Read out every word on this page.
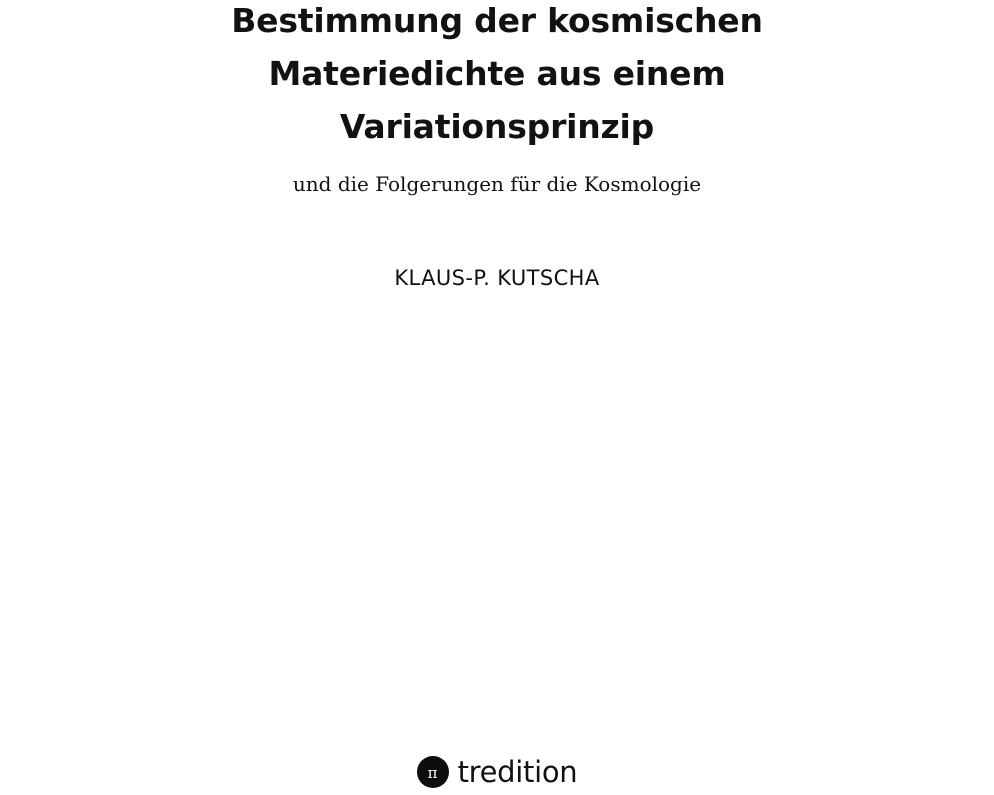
Bestimmung der kosmischen
Materiedichte aus einem
Variationsprinzip
und die Folgerungen für die Kosmologie
KLAUS-P. KUTSCHA
π tredition
